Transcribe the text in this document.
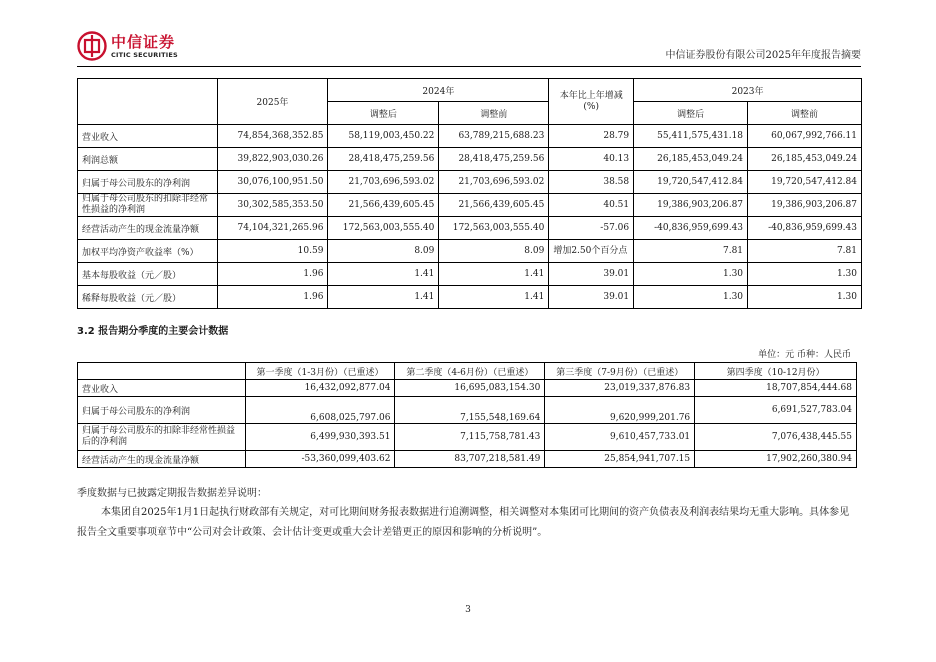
中信证券
CITIC SECURITIES	中信证券股份有限公司2025年年度报告摘要
	2025年	2024年		本年比上年增减(%)	2023年	
		调整后	调整前		调整后	调整前
营业收入	74,854,368,352.85	58,119,003,450.22	63,789,215,688.23	28.79	55,411,575,431.18	60,067,992,766.11
利润总额	39,822,903,030.26	28,418,475,259.56	28,418,475,259.56	40.13	26,185,453,049.24	26,185,453,049.24
归属于母公司股东的净利润	30,076,100,951.50	21,703,696,593.02	21,703,696,593.02	38.58	19,720,547,412.84	19,720,547,412.84
归属于母公司股东的扣除非经常性损益的净利润	30,302,585,353.50	21,566,439,605.45	21,566,439,605.45	40.51	19,386,903,206.87	19,386,903,206.87
经营活动产生的现金流量净额	74,104,321,265.96	172,563,003,555.40	172,563,003,555.40	-57.06	-40,836,959,699.43	-40,836,959,699.43
加权平均净资产收益率（%）	10.59	8.09	8.09	增加2.50个百分点	7.81	7.81
基本每股收益（元／股）	1.96	1.41	1.41	39.01	1.30	1.30
稀释每股收益（元／股）	1.96	1.41	1.41	39.01	1.30	1.30
3.2 报告期分季度的主要会计数据
单位：元 币种：人民币
	第一季度（1-3月份）（已重述）	第二季度（4-6月份）（已重述）	第三季度（7-9月份）（已重述）	第四季度（10-12月份）
营业收入	16,432,092,877.04	16,695,083,154.30	23,019,337,876.83	18,707,854,444.68
归属于母公司股东的净利润	6,608,025,797.06	7,155,548,169.64	9,620,999,201.76	6,691,527,783.04
归属于母公司股东的扣除非经常性损益后的净利润	6,499,930,393.51	7,115,758,781.43	9,610,457,733.01	7,076,438,445.55
经营活动产生的现金流量净额	-53,360,099,403.62	83,707,218,581.49	25,854,941,707.15	17,902,260,380.94
季度数据与已披露定期报告数据差异说明：
本集团自2025年1月1日起执行财政部有关规定，对可比期间财务报表数据进行追溯调整，相关调整对本集团可比期间的资产负债表及利润表结果均无重大影响。具体参见报告全文重要事项章节中“公司对会计政策、会计估计变更或重大会计差错更正的原因和影响的分析说明”。
3
